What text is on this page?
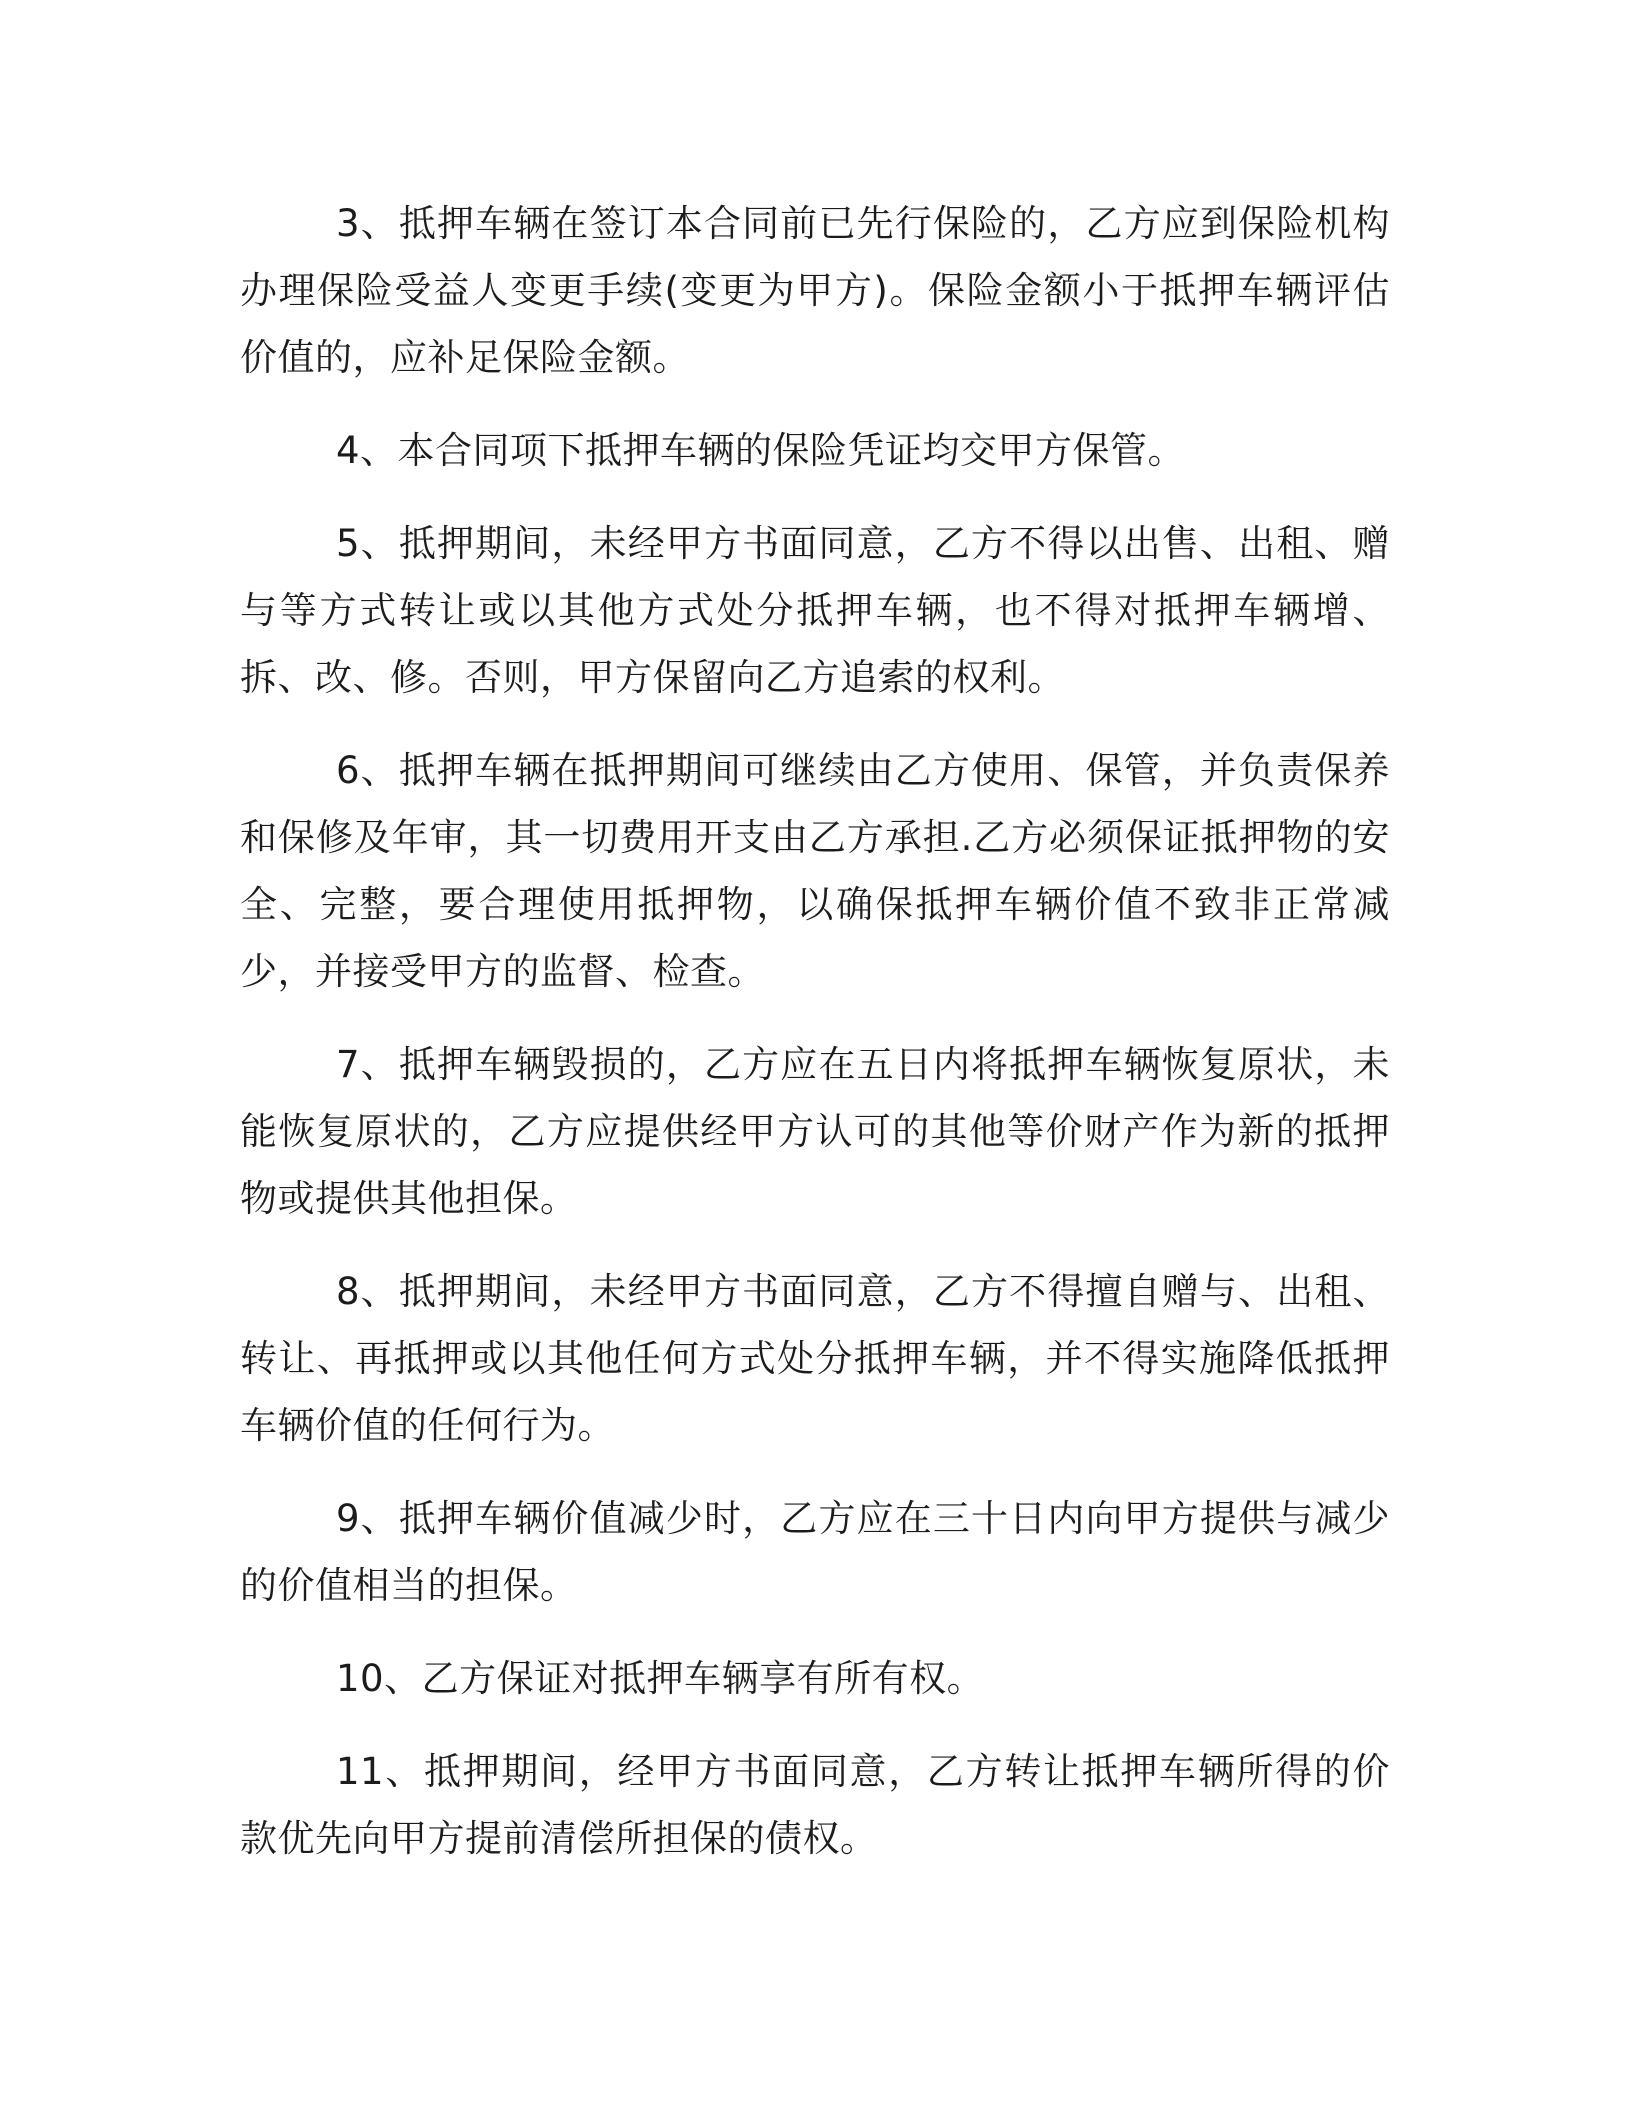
3、抵押车辆在签订本合同前已先行保险的，乙方应到保险机构办理保险受益人变更手续(变更为甲方)。保险金额小于抵押车辆评估价值的，应补足保险金额。

4、本合同项下抵押车辆的保险凭证均交甲方保管。

5、抵押期间，未经甲方书面同意，乙方不得以出售、出租、赠与等方式转让或以其他方式处分抵押车辆，也不得对抵押车辆增、拆、改、修。否则，甲方保留向乙方追索的权利。

6、抵押车辆在抵押期间可继续由乙方使用、保管，并负责保养和保修及年审，其一切费用开支由乙方承担.乙方必须保证抵押物的安全、完整，要合理使用抵押物，以确保抵押车辆价值不致非正常减少，并接受甲方的监督、检查。

7、抵押车辆毁损的，乙方应在五日内将抵押车辆恢复原状，未能恢复原状的，乙方应提供经甲方认可的其他等价财产作为新的抵押物或提供其他担保。

8、抵押期间，未经甲方书面同意，乙方不得擅自赠与、出租、转让、再抵押或以其他任何方式处分抵押车辆，并不得实施降低抵押车辆价值的任何行为。

9、抵押车辆价值减少时，乙方应在三十日内向甲方提供与减少的价值相当的担保。

10、乙方保证对抵押车辆享有所有权。

11、抵押期间，经甲方书面同意，乙方转让抵押车辆所得的价款优先向甲方提前清偿所担保的债权。
